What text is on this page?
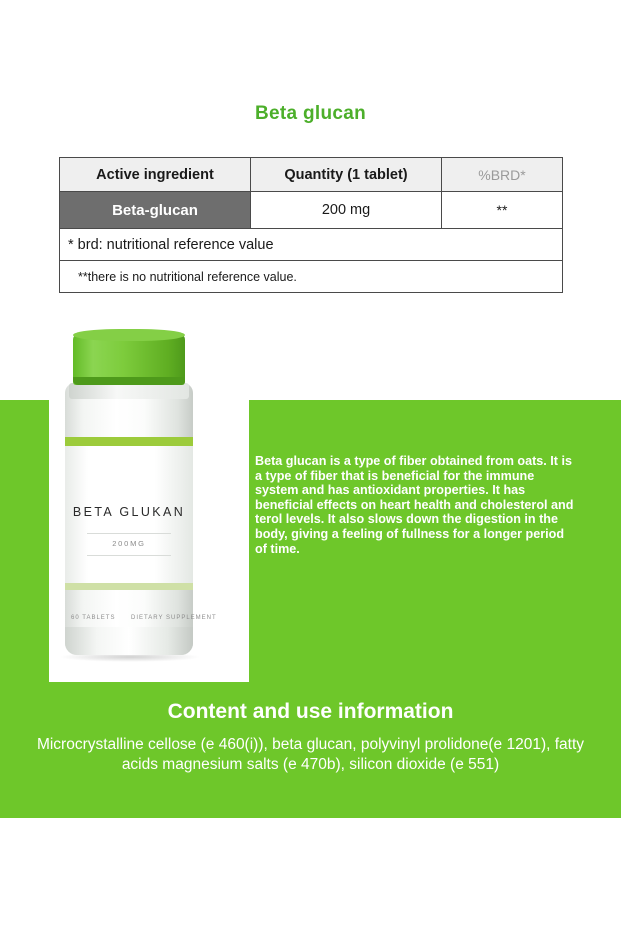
Beta glucan
Active ingredient	Quantity (1 tablet)	%BRD*
Beta-glucan	200 mg	**
* brd: nutritional reference value		
**there is no nutritional reference value.		
BETA GLUKAN
200MG
60 TABLETS	DIETARY SUPPLEMENT
Beta glucan is a type of fiber obtained from oats. It is a type of fiber that is beneficial for the immune system and has antioxidant properties. It has beneficial effects on heart health and cholesterol and terol levels. It also slows down the digestion in the body, giving a feeling of fullness for a longer period of time.
Content and use information
Microcrystalline cellose (e 460(i)), beta glucan, polyvinyl prolidone(e 1201), fatty acids magnesium salts (e 470b), silicon dioxide (e 551)
